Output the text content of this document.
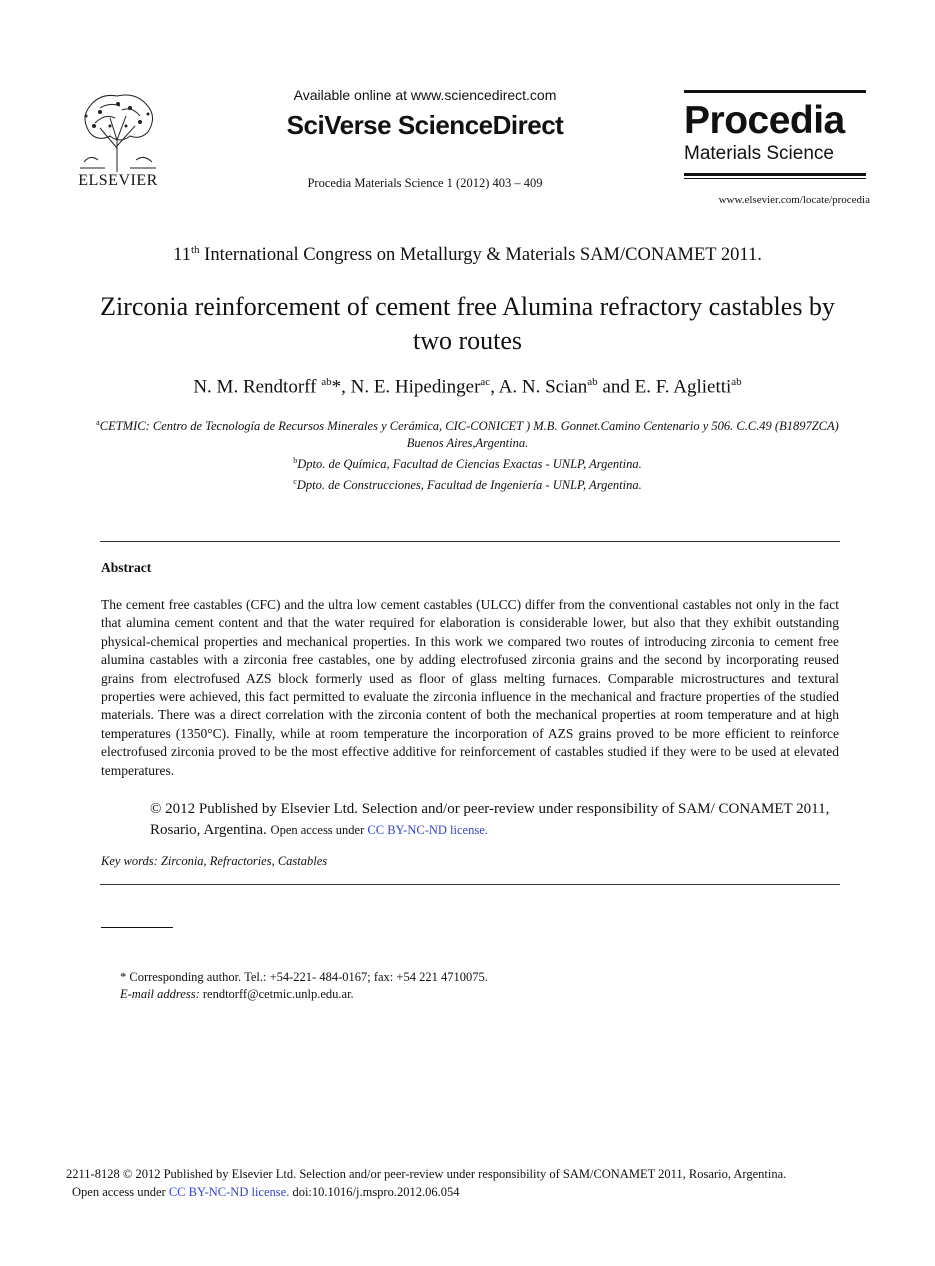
ELSEVIER
Available online at www.sciencedirect.com
SciVerse ScienceDirect
Procedia Materials Science 1 (2012) 403 – 409
Procedia
Materials Science
www.elsevier.com/locate/procedia
11th International Congress on Metallurgy & Materials SAM/CONAMET 2011.
Zirconia reinforcement of cement free Alumina refractory castables by two routes
N. M. Rendtorff $^{ab}$*, N. E. Hipedinger$^{ac}$, A. N. Scian$^{ab}$ and E. F. Aglietti$^{ab}$
$^a$CETMIC: Centro de Tecnología de Recursos Minerales y Cerámica, CIC-CONICET ) M.B. Gonnet.Camino Centenario y 506. C.C.49 (B1897ZCA) Buenos Aires,Argentina.
$^b$Dpto. de Química, Facultad de Ciencias Exactas - UNLP, Argentina.
$^c$Dpto. de Construcciones, Facultad de Ingeniería - UNLP, Argentina.
Abstract
The cement free castables (CFC) and the ultra low cement castables (ULCC) differ from the conventional castables not only in the fact that alumina cement content and that the water required for elaboration is considerable lower, but also that they exhibit outstanding physical-chemical properties and mechanical properties. In this work we compared two routes of introducing zirconia to cement free alumina castables with a zirconia free castables, one by adding electrofused zirconia grains and the second by incorporating reused grains from electrofused AZS block formerly used as floor of glass melting furnaces. Comparable microstructures and textural properties were achieved, this fact permitted to evaluate the zirconia influence in the mechanical and fracture properties of the studied materials. There was a direct correlation with the zirconia content of both the mechanical properties at room temperature and at high temperatures (1350°C). Finally, while at room temperature the incorporation of AZS grains proved to be more efficient to reinforce electrofused zirconia proved to be the most effective additive for reinforcement of castables studied if they were to be used at elevated temperatures.
© 2012 Published by Elsevier Ltd. Selection and/or peer-review under responsibility of SAM/ CONAMET 2011, Rosario, Argentina. Open access under CC BY-NC-ND license.
Key words: Zirconia, Refractories, Castables
* Corresponding author. Tel.: +54-221- 484-0167; fax: +54 221 4710075.
E-mail address: rendtorff@cetmic.unlp.edu.ar.
2211-8128 © 2012 Published by Elsevier Ltd. Selection and/or peer-review under responsibility of SAM/CONAMET 2011, Rosario, Argentina.
Open access under CC BY-NC-ND license. doi:10.1016/j.mspro.2012.06.054
